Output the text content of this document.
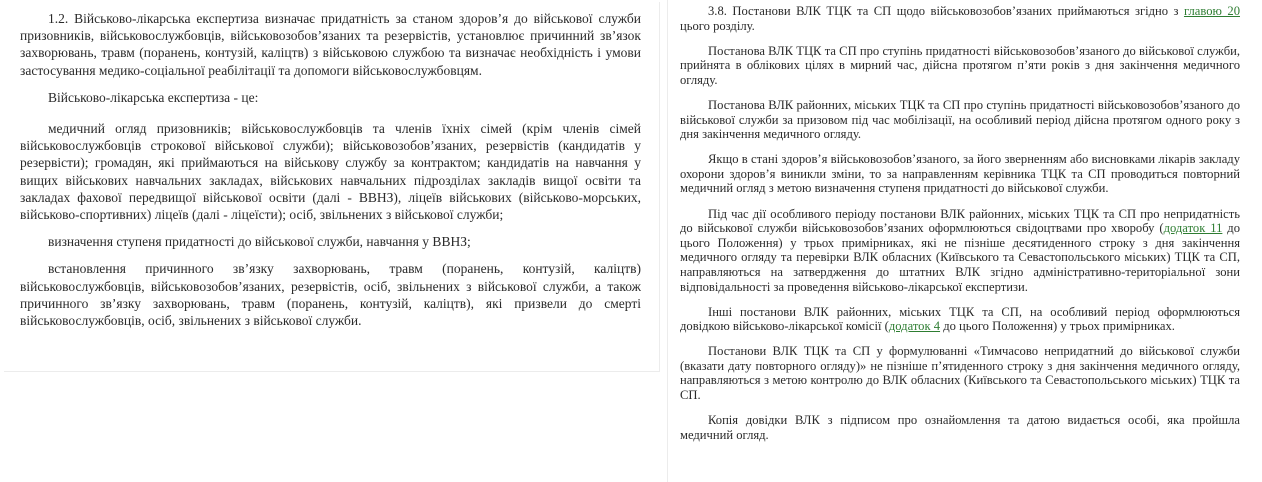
1.2. Військово-лікарська експертиза визначає придатність за станом здоров’я до військової служби призовників, військовослужбовців, військовозобов’язаних та резервістів, установлює причинний зв’язок захворювань, травм (поранень, контузій, каліцтв) з військовою службою та визначає необхідність і умови застосування медико-соціальної реабілітації та допомоги військовослужбовцям.

Військово-лікарська експертиза - це:

медичний огляд призовників; військовослужбовців та членів їхніх сімей (крім членів сімей військовослужбовців строкової військової служби); військовозобов’язаних, резервістів (кандидатів у резервісти); громадян, які приймаються на військову службу за контрактом; кандидатів на навчання у вищих військових навчальних закладах, військових навчальних підрозділах закладів вищої освіти та закладах фахової передвищої військової освіти (далі - ВВНЗ), ліцеїв військових (військово-морських, військово-спортивних) ліцеїв (далі - ліцеїсти); осіб, звільнених з військової служби;

визначення ступеня придатності до військової служби, навчання у ВВНЗ;

встановлення причинного зв’язку захворювань, травм (поранень, контузій, каліцтв) військовослужбовців, військовозобов’язаних, резервістів, осіб, звільнених з військової служби, а також причинного зв’язку захворювань, травм (поранень, контузій, каліцтв), які призвели до смерті військовослужбовців, осіб, звільнених з військової служби.

3.8. Постанови ВЛК ТЦК та СП щодо військовозобов’язаних приймаються згідно з главою 20 цього розділу.

Постанова ВЛК ТЦК та СП про ступінь придатності військовозобов’язаного до військової служби, прийнята в облікових цілях в мирний час, дійсна протягом п’яти років з дня закінчення медичного огляду.

Постанова ВЛК районних, міських ТЦК та СП про ступінь придатності військовозобов’язаного до військової служби за призовом під час мобілізації, на особливий період дійсна протягом одного року з дня закінчення медичного огляду.

Якщо в стані здоров’я військовозобов’язаного, за його зверненням або висновками лікарів закладу охорони здоров’я виникли зміни, то за направленням керівника ТЦК та СП проводиться повторний медичний огляд з метою визначення ступеня придатності до військової служби.

Під час дії особливого періоду постанови ВЛК районних, міських ТЦК та СП про непридатність до військової служби військовозобов’язаних оформлюються свідоцтвами про хворобу (додаток 11 до цього Положення) у трьох примірниках, які не пізніше десятиденного строку з дня закінчення медичного огляду та перевірки ВЛК обласних (Київського та Севастопольського міських) ТЦК та СП, направляються на затвердження до штатних ВЛК згідно адміністративно-територіальної зони відповідальності за проведення військово-лікарської експертизи.

Інші постанови ВЛК районних, міських ТЦК та СП, на особливий період оформлюються довідкою військово-лікарської комісії (додаток 4 до цього Положення) у трьох примірниках.

Постанови ВЛК ТЦК та СП у формулюванні «Тимчасово непридатний до військової служби (вказати дату повторного огляду)» не пізніше п’ятиденного строку з дня закінчення медичного огляду, направляються з метою контролю до ВЛК обласних (Київського та Севастопольського міських) ТЦК та СП.

Копія довідки ВЛК з підписом про ознайомлення та датою видається особі, яка пройшла медичний огляд.
